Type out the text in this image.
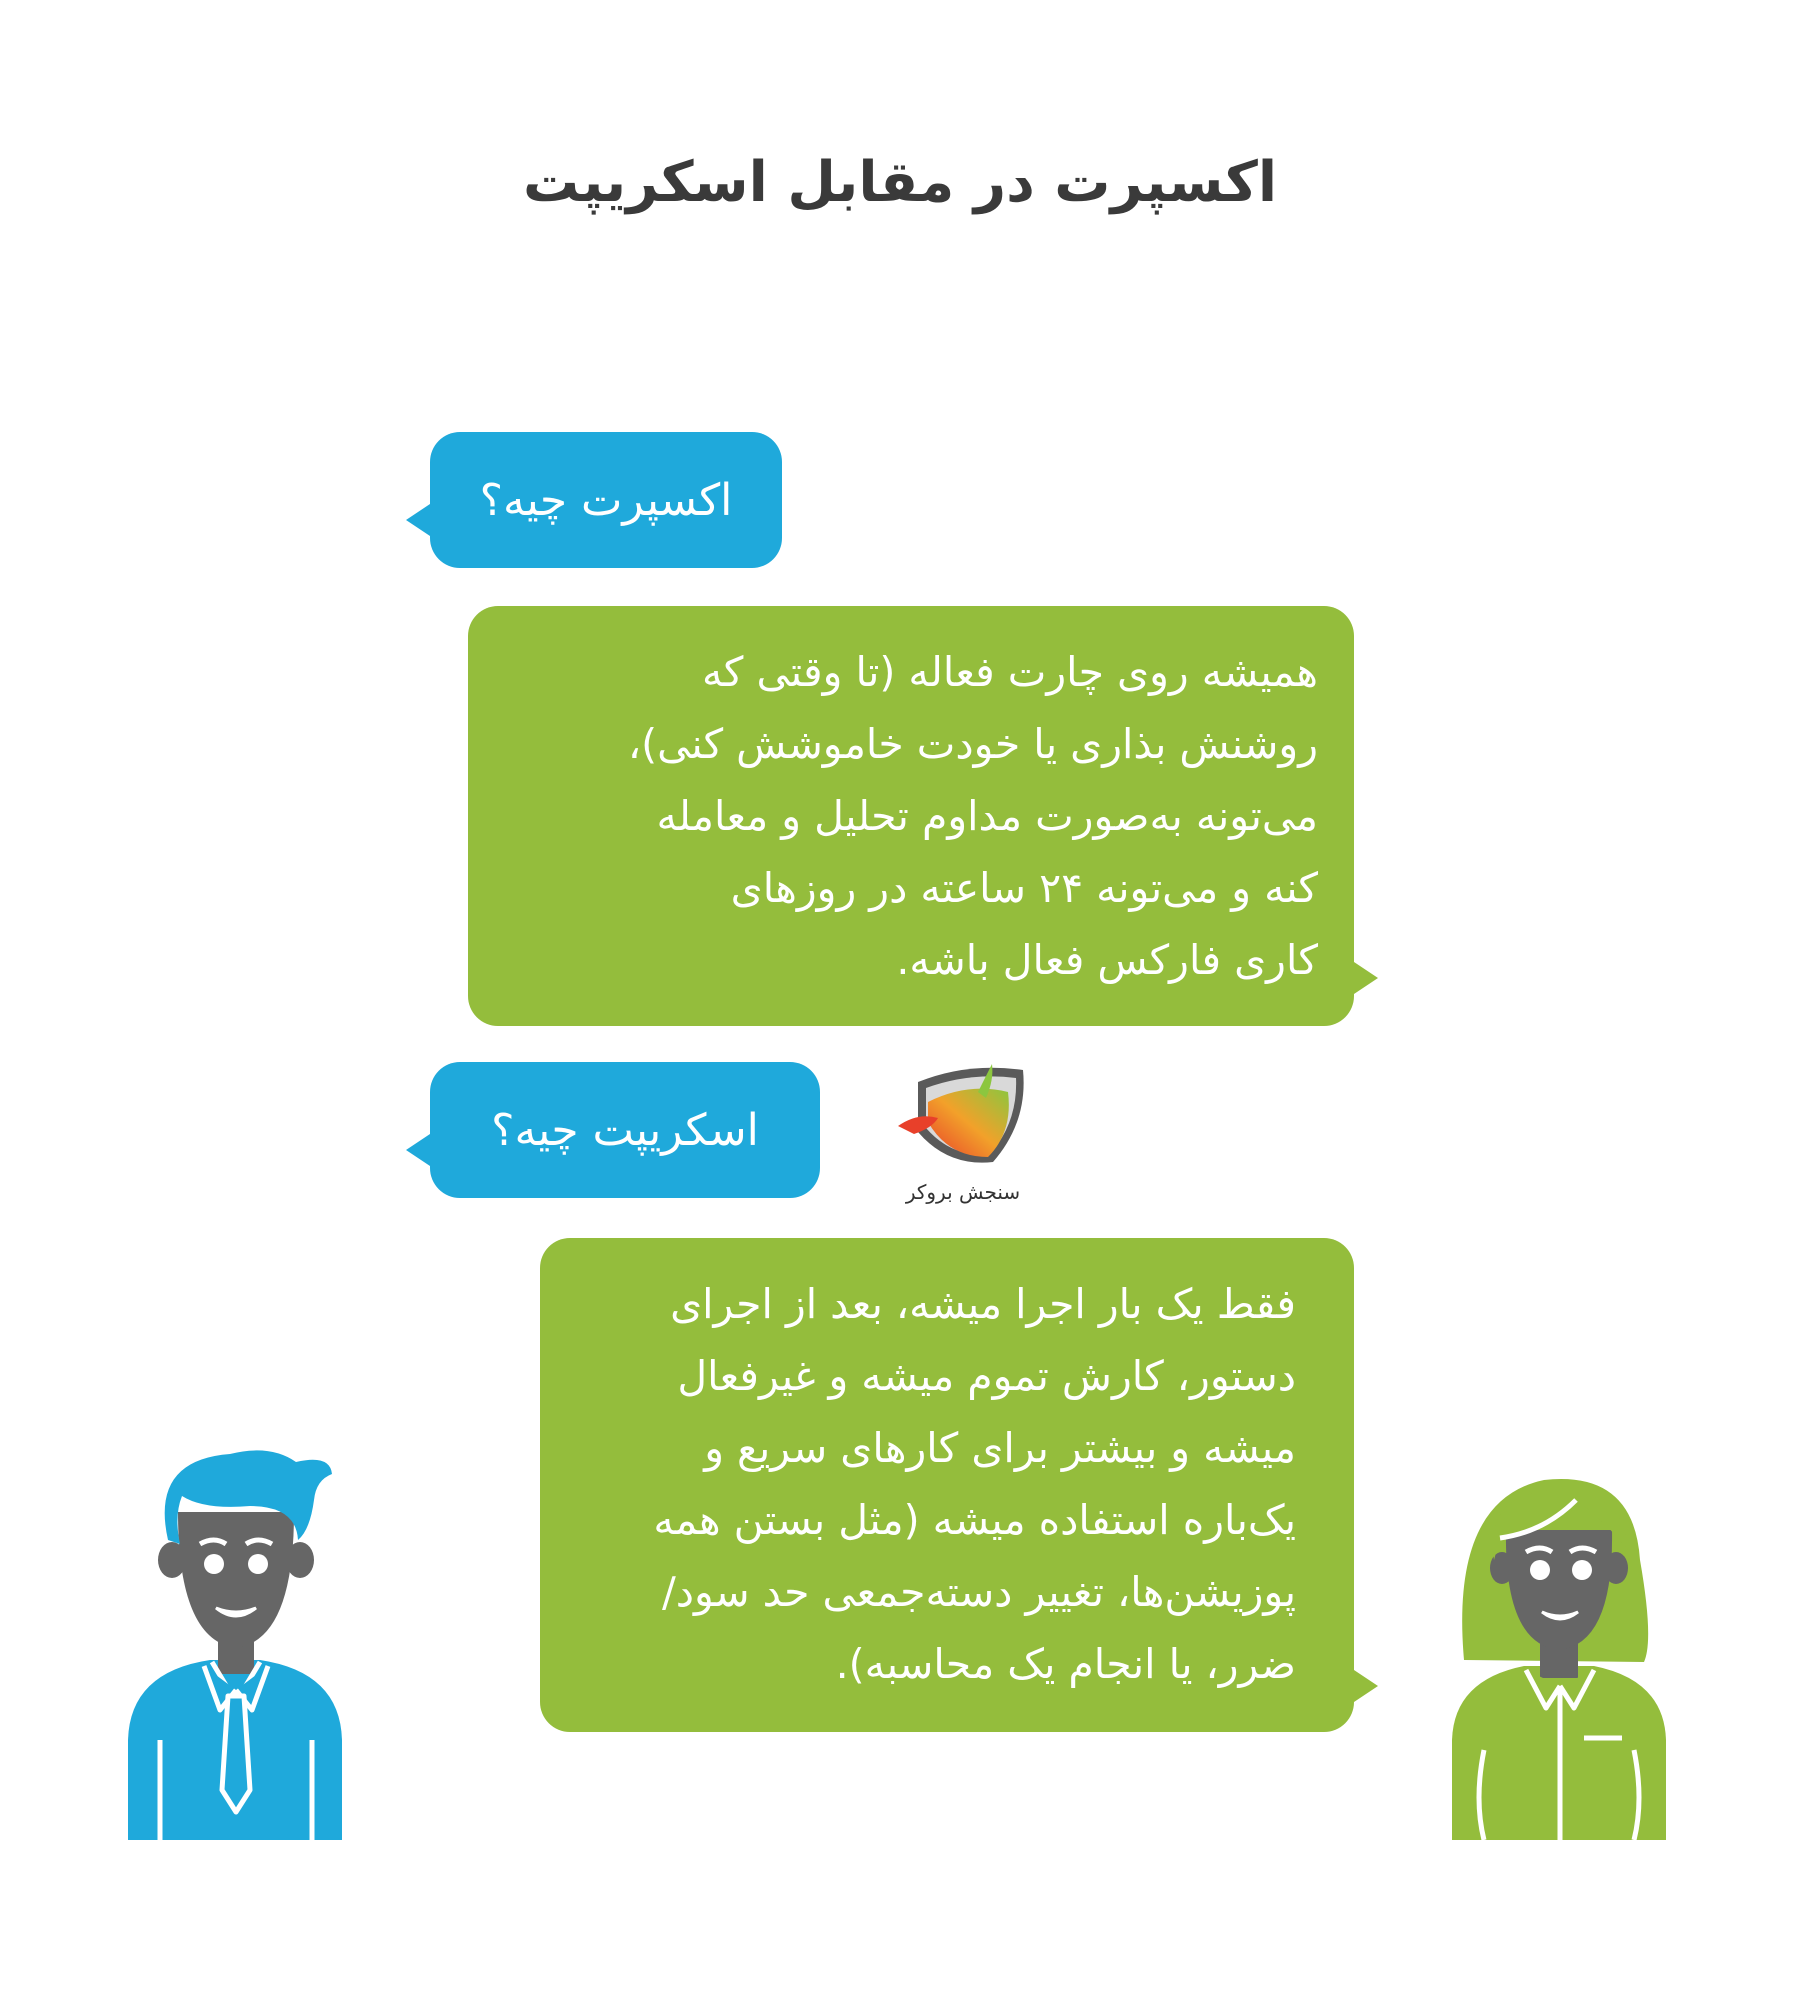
اکسپرت در مقابل اسکریپت
اکسپرت چیه؟
همیشه روی چارت فعاله (تا وقتی که
روشنش بذاری یا خودت خاموشش کنی)،
می‌تونه به‌صورت مداوم تحلیل و معامله
کنه و می‌تونه ۲۴ ساعته در روزهای
کاری فارکس فعال باشه.
اسکریپت چیه؟
سنجش بروکر
فقط یک بار اجرا میشه، بعد از اجرای
دستور، کارش تموم میشه و غیرفعال
میشه و بیشتر برای کارهای سریع و
یک‌باره استفاده میشه (مثل بستن همه
پوزیشن‌ها، تغییر دسته‌جمعی حد سود/
ضرر، یا انجام یک محاسبه).
